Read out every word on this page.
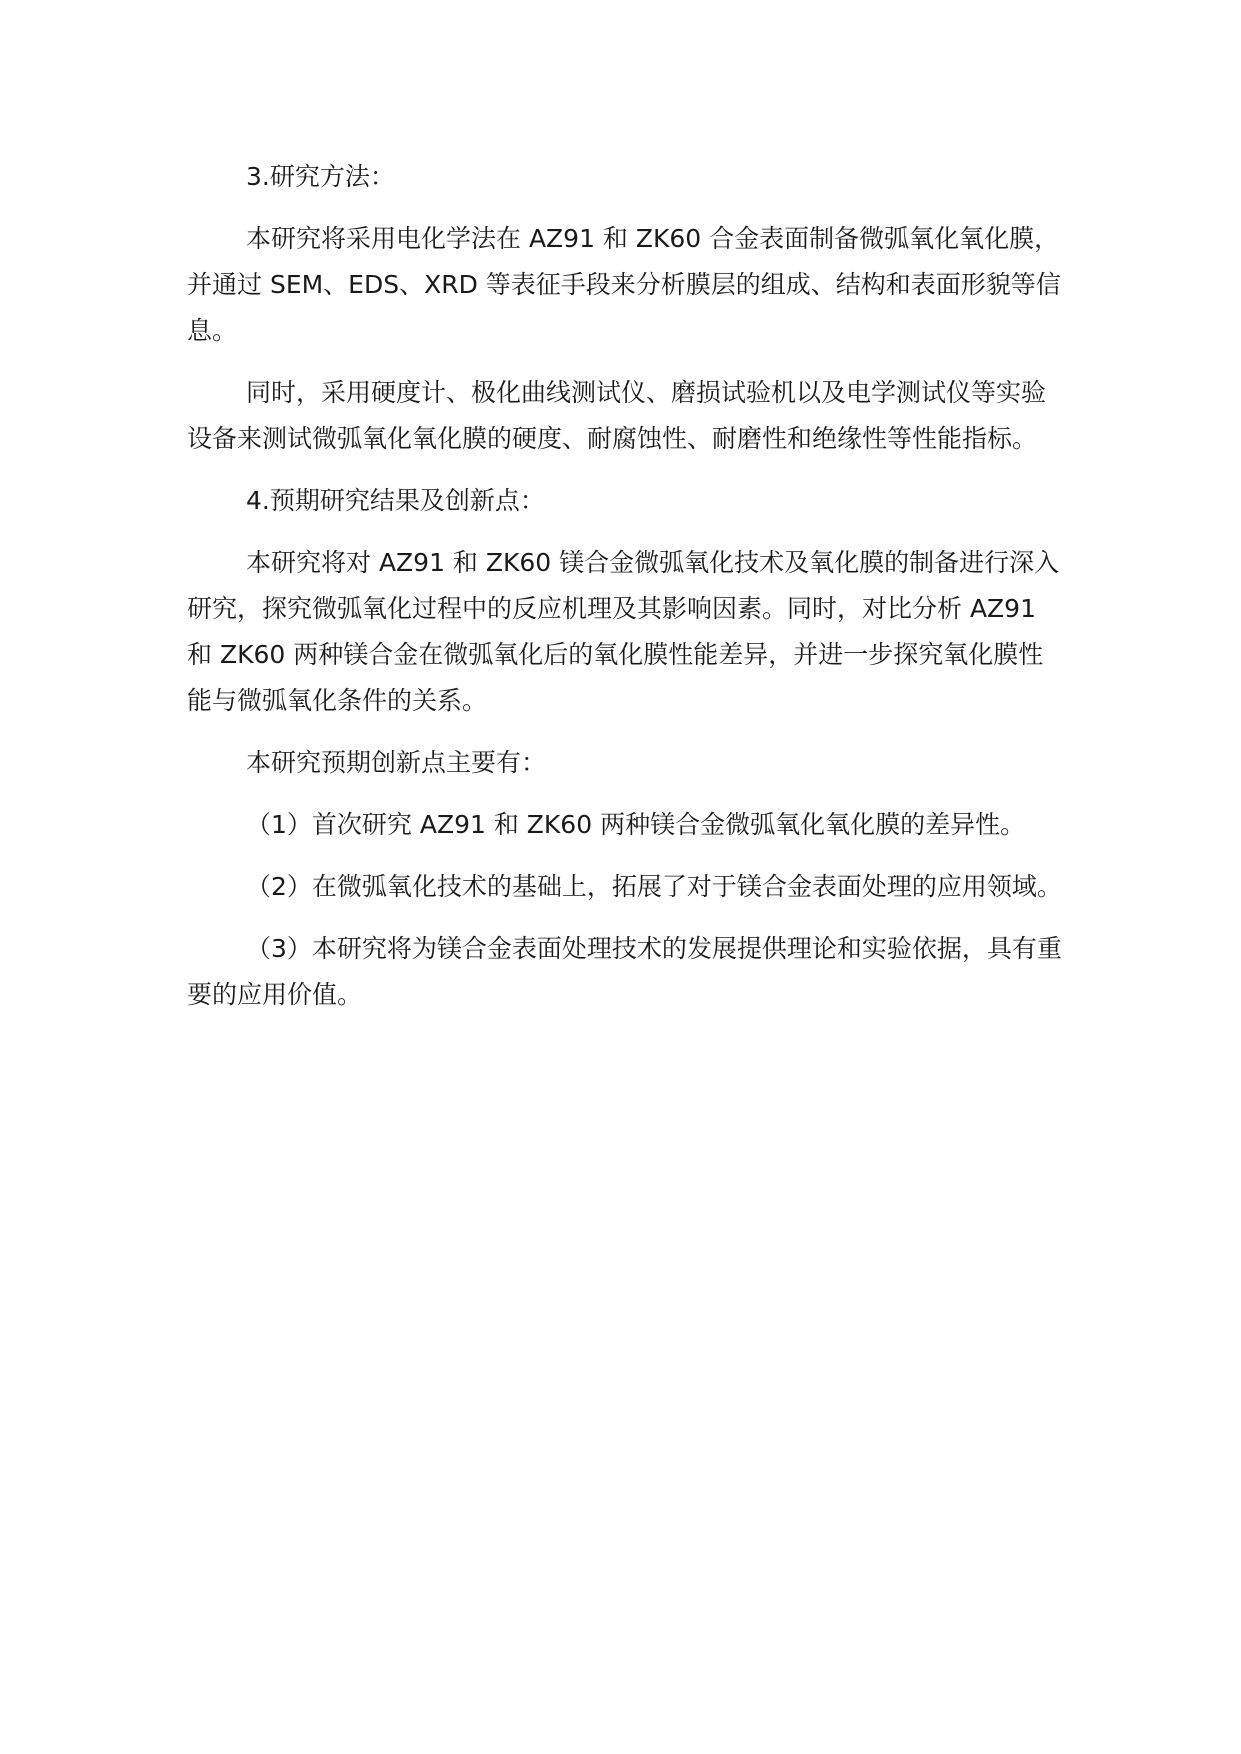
3.研究方法：

本研究将采用电化学法在 AZ91 和 ZK60 合金表面制备微弧氧化氧化膜，并通过 SEM、EDS、XRD 等表征手段来分析膜层的组成、结构和表面形貌等信息。

同时，采用硬度计、极化曲线测试仪、磨损试验机以及电学测试仪等实验设备来测试微弧氧化氧化膜的硬度、耐腐蚀性、耐磨性和绝缘性等性能指标。

4.预期研究结果及创新点：

本研究将对 AZ91 和 ZK60 镁合金微弧氧化技术及氧化膜的制备进行深入研究，探究微弧氧化过程中的反应机理及其影响因素。同时，对比分析 AZ91 和 ZK60 两种镁合金在微弧氧化后的氧化膜性能差异，并进一步探究氧化膜性能与微弧氧化条件的关系。

本研究预期创新点主要有：

（1）首次研究 AZ91 和 ZK60 两种镁合金微弧氧化氧化膜的差异性。

（2）在微弧氧化技术的基础上，拓展了对于镁合金表面处理的应用领域。

（3）本研究将为镁合金表面处理技术的发展提供理论和实验依据，具有重要的应用价值。
